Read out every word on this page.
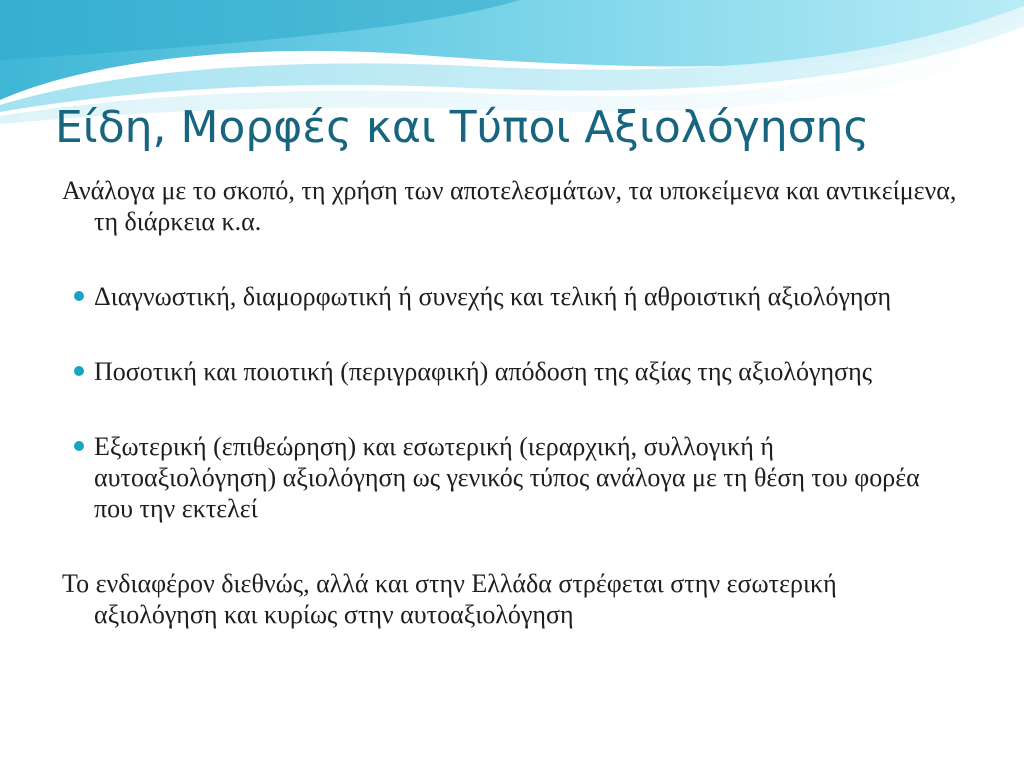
Είδη, Μορφές και Τύποι Αξιολόγησης

Ανάλογα με το σκοπό, τη χρήση των αποτελεσμάτων, τα υποκείμενα και αντικείμενα, τη διάρκεια κ.α.

Διαγνωστική, διαμορφωτική ή συνεχής και τελική ή αθροιστική αξιολόγηση
Ποσοτική και ποιοτική (περιγραφική) απόδοση της αξίας της αξιολόγησης
Εξωτερική (επιθεώρηση) και εσωτερική (ιεραρχική, συλλογική ή αυτοαξιολόγηση) αξιολόγηση ως γενικός τύπος ανάλογα με τη θέση του φορέα που την εκτελεί

Το ενδιαφέρον διεθνώς, αλλά και στην Ελλάδα στρέφεται στην εσωτερική αξιολόγηση και κυρίως στην αυτοαξιολόγηση
